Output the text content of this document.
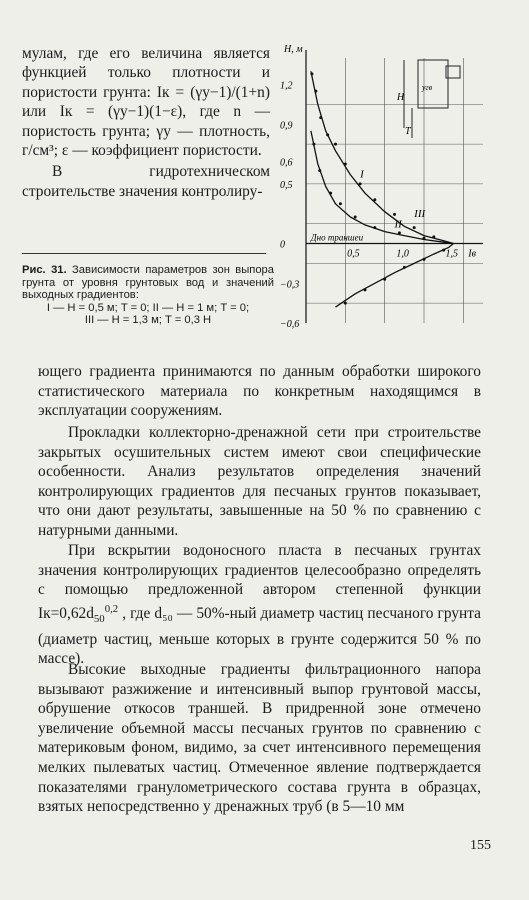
мулам, где его величина является функцией только плотности и пористости грунта: Iк = (γу−1)/(1+n) или Iк = (γу−1)(1−ε), где n — пористость грунта; γу — плотность, г/см³; ε — коэффициент пористости.

В гидротехническом строительстве значения контролиру-

Рис. 31. Зависимости параметров зон выпора грунта от уровня грунтовых вод и значений выходных градиентов:

I — H = 0,5 м; T = 0; II — H = 1 м; T = 0;

III — H = 1,3 м; T = 0,3 H

H
T
угв
1,2
0,9
0,6
0,5
0
−0,3
−0,6
0,5	1,0	1,5
H, м
Iв
Дно траншеи
I
II
III

ющего градиента принимаются по данным обработки широкого статистического материала по конкретным находящимся в эксплуатации сооружениям.

Прокладки коллекторно-дренажной сети при строительстве закрытых осушительных систем имеют свои специфические особенности. Анализ результатов определения значений контролирующих градиентов для песчаных грунтов показывает, что они дают результаты, завышенные на 50 % по сравнению с натурными данными.

При вскрытии водоносного пласта в песчаных грунтах значения контролирующих градиентов целесообразно определять с помощью предложенной автором степенной функции $Iк=0,62d_{50}^{0,2}$ , где d₅₀ — 50%-ный диаметр частиц песчаного грунта (диаметр частиц, меньше которых в грунте содержится 50 % по массе).

Высокие выходные градиенты фильтрационного напора вызывают разжижение и интенсивный выпор грунтовой массы, обрушение откосов траншей. В придренной зоне отмечено увеличение объемной массы песчаных грунтов по сравнению с материковым фоном, видимо, за счет интенсивного перемещения мелких пылеватых частиц. Отмеченное явление подтверждается показателями гранулометрического состава грунта в образцах, взятых непосредственно у дренажных труб (в 5—10 мм

155
